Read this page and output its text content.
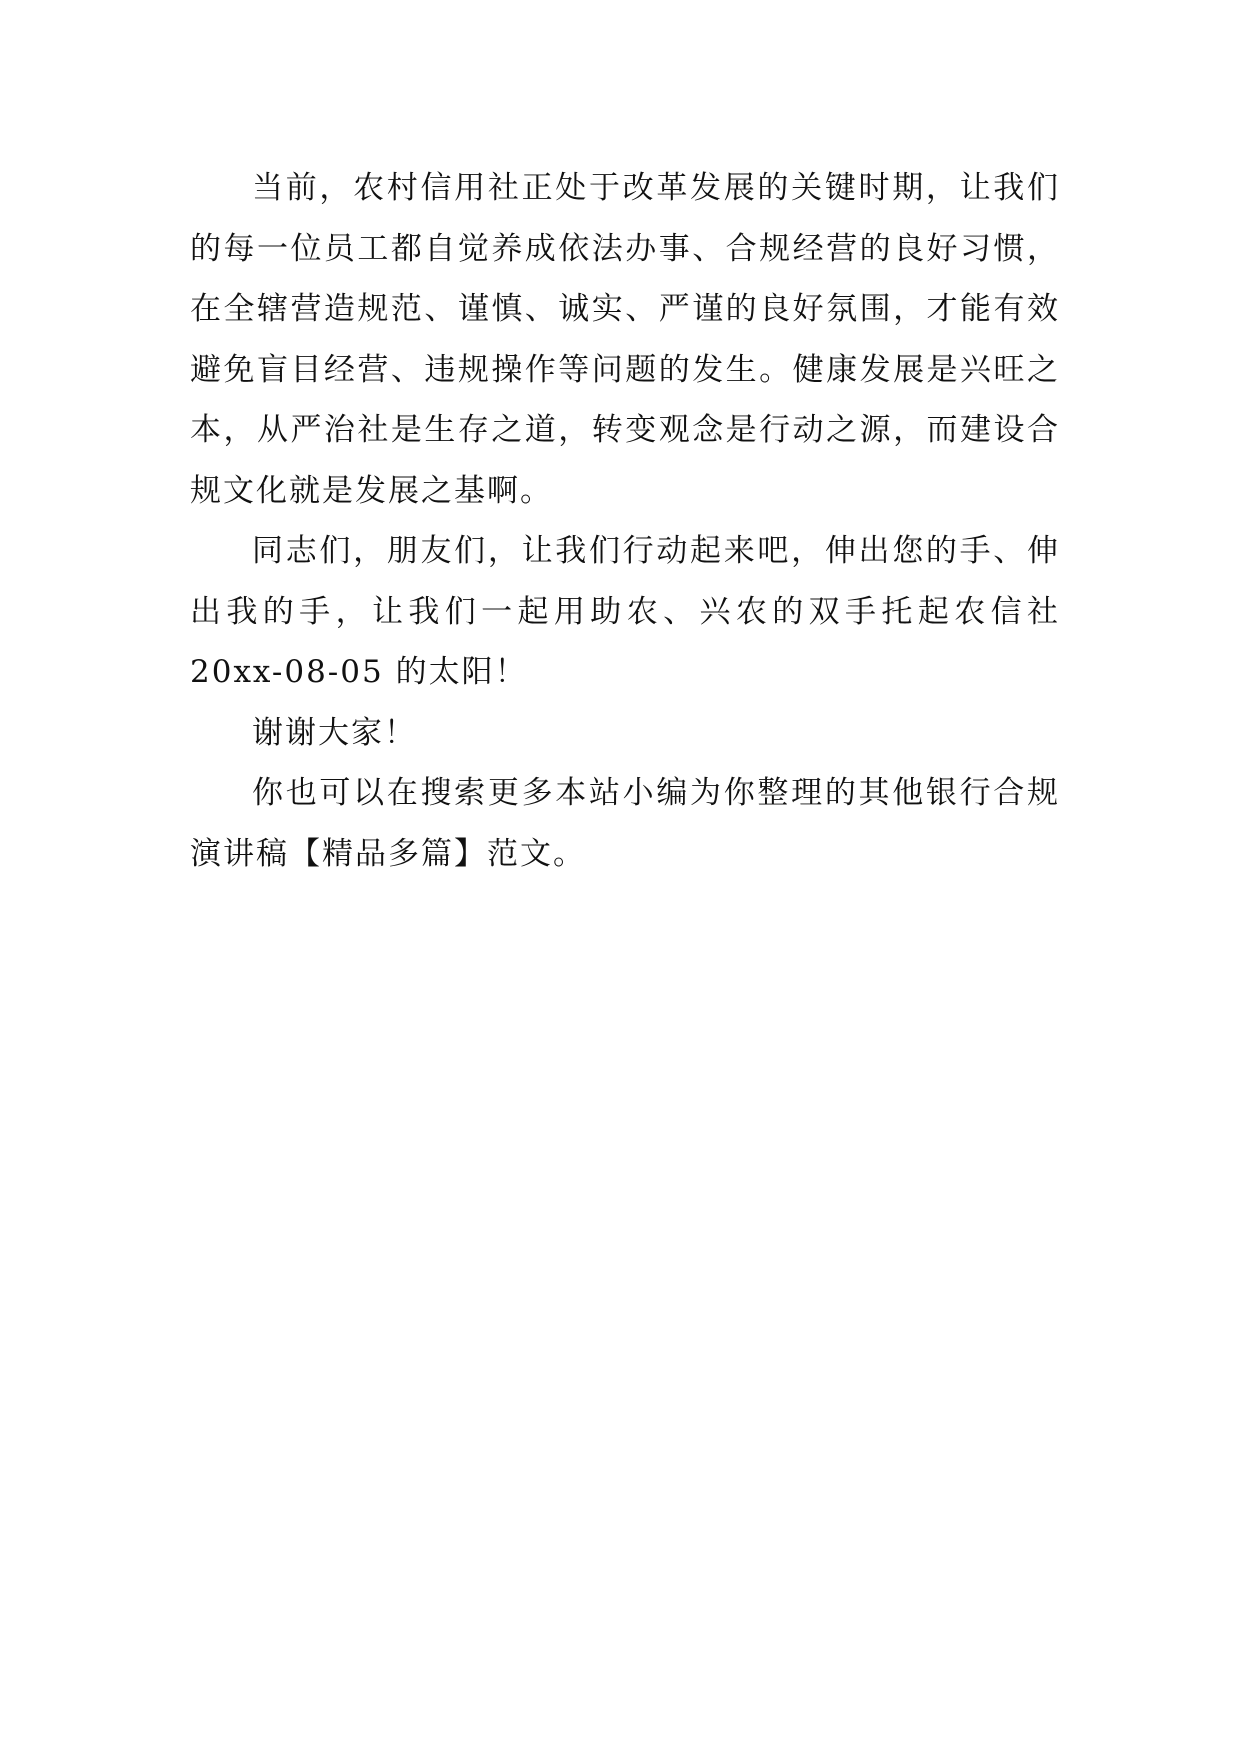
当前，农村信用社正处于改革发展的关键时期，让我们的每一位员工都自觉养成依法办事、合规经营的良好习惯，在全辖营造规范、谨慎、诚实、严谨的良好氛围，才能有效避免盲目经营、违规操作等问题的发生。健康发展是兴旺之本，从严治社是生存之道，转变观念是行动之源，而建设合规文化就是发展之基啊。

同志们，朋友们，让我们行动起来吧，伸出您的手、伸出我的手，让我们一起用助农、兴农的双手托起农信社 20xx-08-05 的太阳！

谢谢大家！

你也可以在搜索更多本站小编为你整理的其他银行合规演讲稿【精品多篇】范文。
